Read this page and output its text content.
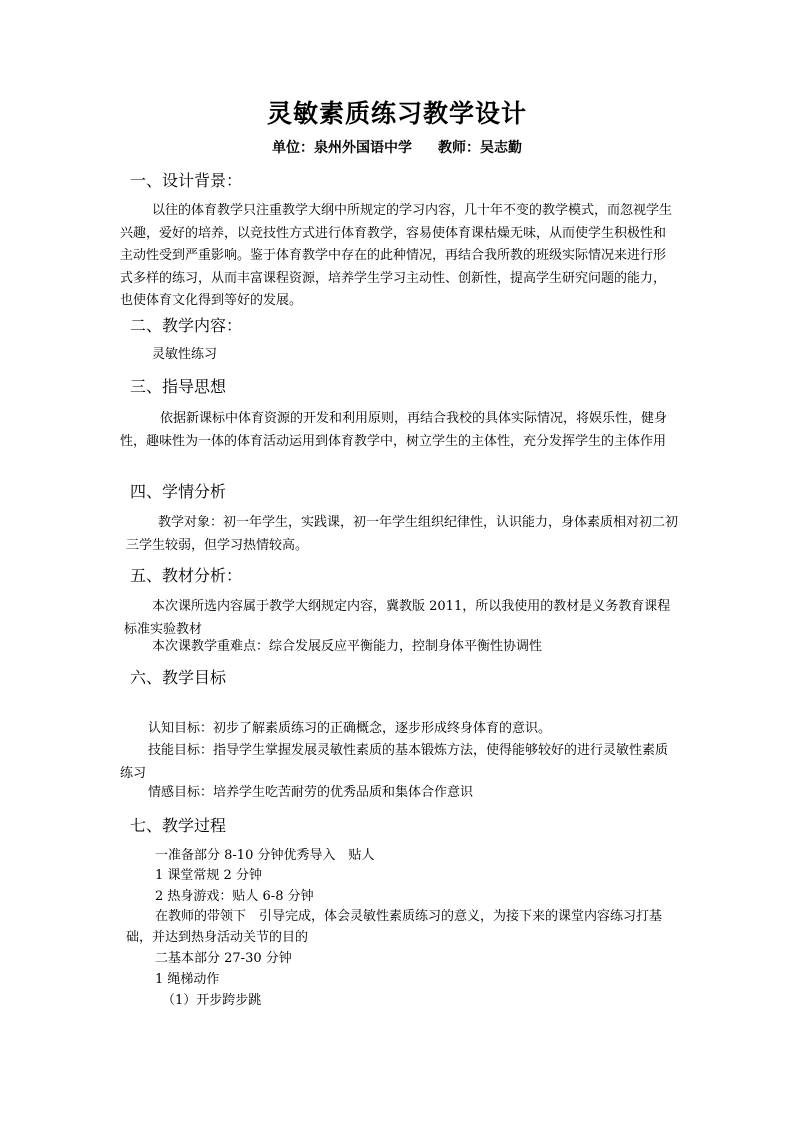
灵敏素质练习教学设计
单位：泉州外国语中学 教师：吴志勤
一、设计背景：
以往的体育教学只注重教学大纲中所规定的学习内容，几十年不变的教学模式，而忽视学生兴趣，爱好的培养，以竞技性方式进行体育教学，容易使体育课枯燥无味，从而使学生积极性和主动性受到严重影响。鉴于体育教学中存在的此种情况，再结合我所教的班级实际情况来进行形式多样的练习，从而丰富课程资源，培养学生学习主动性、创新性，提高学生研究问题的能力，也使体育文化得到等好的发展。
二、教学内容：
灵敏性练习
三、指导思想
依据新课标中体育资源的开发和利用原则，再结合我校的具体实际情况，将娱乐性，健身性，趣味性为一体的体育活动运用到体育教学中，树立学生的主体性，充分发挥学生的主体作用
四、学情分析
教学对象：初一年学生，实践课，初一年学生组织纪律性，认识能力，身体素质相对初二初三学生较弱，但学习热情较高。
五、教材分析：
本次课所选内容属于教学大纲规定内容，冀教版 2011，所以我使用的教材是义务教育课程标准实验教材
本次课教学重难点：综合发展反应平衡能力，控制身体平衡性协调性
六、教学目标
认知目标：初步了解素质练习的正确概念，逐步形成终身体育的意识。
技能目标：指导学生掌握发展灵敏性素质的基本锻炼方法，使得能够较好的进行灵敏性素质练习
情感目标：培养学生吃苦耐劳的优秀品质和集体合作意识
七、教学过程
一准备部分 8-10 分钟优秀导入　贴人
1 课堂常规 2 分钟
2 热身游戏：贴人 6-8 分钟
在教师的带领下　引导完成，体会灵敏性素质练习的意义，为接下来的课堂内容练习打基础，并达到热身活动关节的目的
二基本部分 27-30 分钟
1 绳梯动作
（1）开步跨步跳
